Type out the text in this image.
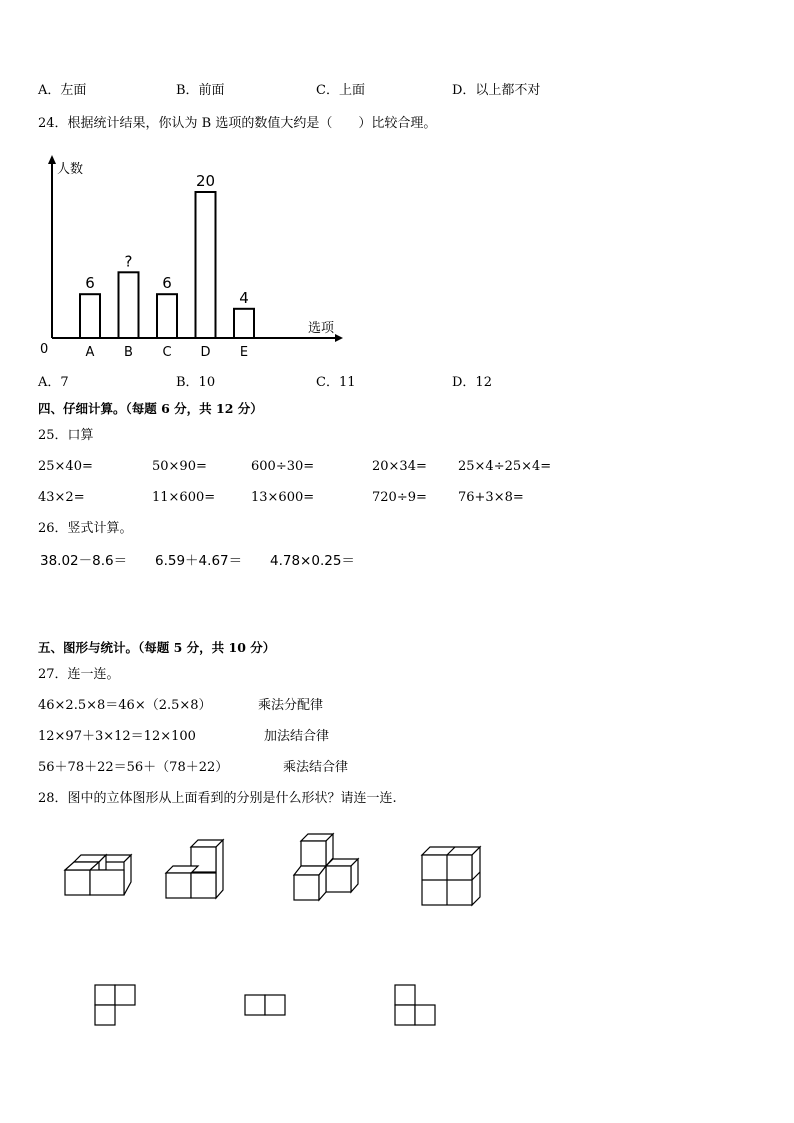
A．左面	B．前面	C．上面	D．以上都不对
24．根据统计结果，你认为 B 选项的数值大约是（　　）比较合理。
人数
选项
0
6
A
?
B
6
C
20
D
4
E
A．7	B．10	C．11	D．12
四、仔细计算。（每题 6 分，共 12 分）
25．口算
25×40=	50×90=	600÷30=	20×34= 25×4÷25×4=
43×2=	11×600=	13×600=	720÷9= 76+3×8=
26．竖式计算。
38.02－8.6＝ 6.59＋4.67＝ 4.78×0.25＝
五、图形与统计。（每题 5 分，共 10 分）
27．连一连。
46×2.5×8＝46×（2.5×8）	乘法分配律
12×97＋3×12＝12×100	加法结合律
56＋78＋22＝56＋（78＋22）	乘法结合律
28．图中的立体图形从上面看到的分别是什么形状？请连一连.
